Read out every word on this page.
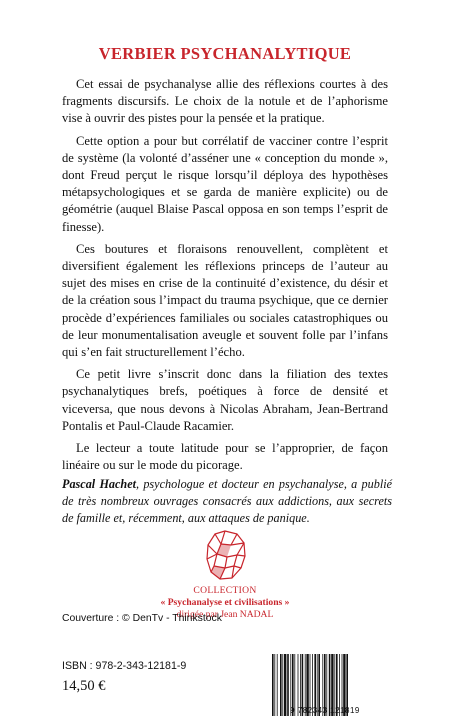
VERBIER PSYCHANALYTIQUE

Cet essai de psychanalyse allie des réflexions courtes à des fragments discursifs. Le choix de la notule et de l’aphorisme vise à ouvrir des pistes pour la pensée et la pratique.

Cette option a pour but corrélatif de vacciner contre l’esprit de système (la volonté d’asséner une « conception du monde », dont Freud perçut le risque lorsqu’il déploya des hypothèses métapsychologiques et se garda de manière explicite) ou de géométrie (auquel Blaise Pascal opposa en son temps l’esprit de finesse).

Ces boutures et floraisons renouvellent, complètent et diversifient également les réflexions princeps de l’auteur au sujet des mises en crise de la continuité d’existence, du désir et de la création sous l’impact du trauma psychique, que ce dernier procède d’expériences familiales ou sociales catastrophiques ou de leur monumentalisation aveugle et souvent folle par l’infans qui s’en fait structurellement l’écho.

Ce petit livre s’inscrit donc dans la filiation des textes psychanalytiques brefs, poétiques à force de densité et viceversa, que nous devons à Nicolas Abraham, Jean-Bertrand Pontalis et Paul-Claude Racamier.

Le lecteur a toute latitude pour se l’approprier, de façon linéaire ou sur le mode du picorage.

Pascal Hachet, psychologue et docteur en psychanalyse, a publié de très nombreux ouvrages consacrés aux addictions, aux secrets de famille et, récemment, aux attaques de panique.
COLLECTION
« Psychanalyse et civilisations »
dirigée par Jean NADAL
Couverture : © DenTv - Thinkstock
ISBN : 978-2-343-12181-9
14,50 €
9 782343 121819
